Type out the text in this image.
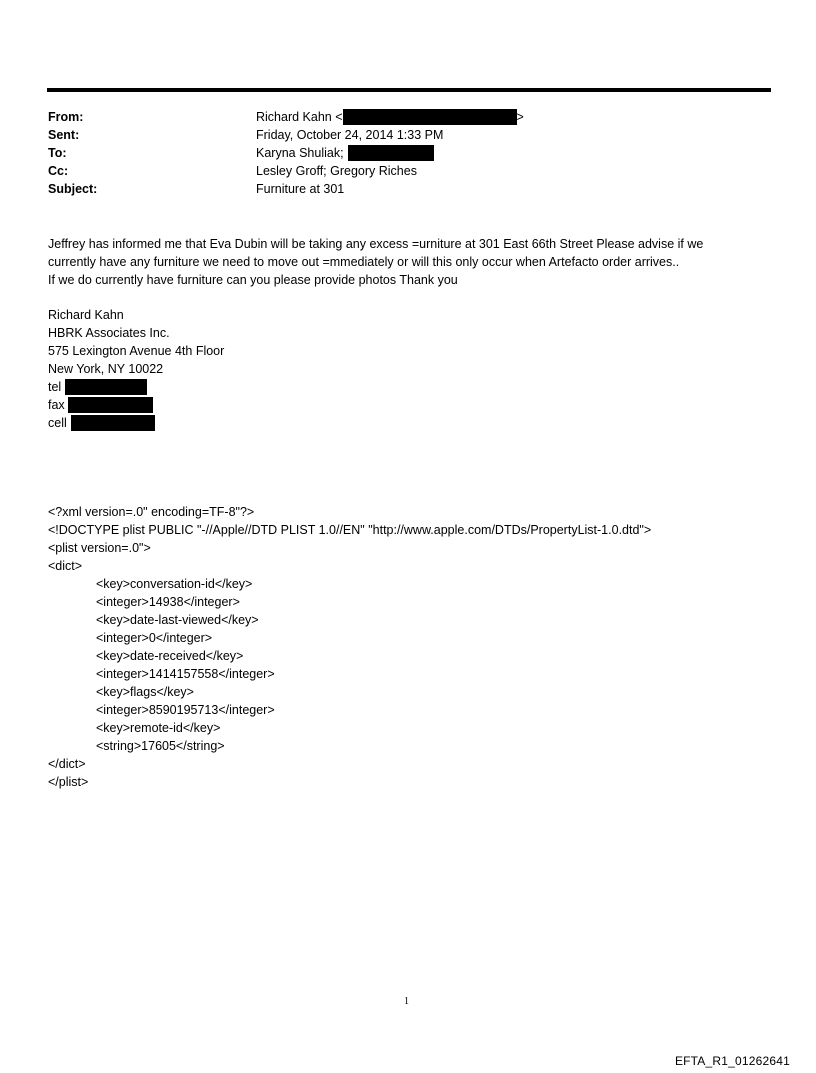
From:	Richard Kahn <	>
Sent:	Friday, October 24, 2014 1:33 PM
To:	Karyna Shuliak;
Cc:	Lesley Groff; Gregory Riches
Subject:	Furniture at 301

Jeffrey has informed me that Eva Dubin will be taking any excess =urniture at 301 East 66th Street Please advise if we

currently have any furniture we need to move out =mmediately or will this only occur when Artefacto order arrives..

If we do currently have furniture can you please provide photos Thank you

Richard Kahn
HBRK Associates Inc.
575 Lexington Avenue 4th Floor
New York, NY 10022
tel
fax
cell
<?xml version=.0" encoding=TF-8"?>
<!DOCTYPE plist PUBLIC "-//Apple//DTD PLIST 1.0//EN" "http://www.apple.com/DTDs/PropertyList-1.0.dtd">
<plist version=.0">
<dict>
<key>conversation-id</key>
<integer>14938</integer>
<key>date-last-viewed</key>
<integer>0</integer>
<key>date-received</key>
<integer>1414157558</integer>
<key>flags</key>
<integer>8590195713</integer>
<key>remote-id</key>
<string>17605</string>
</dict>
</plist>
1
EFTA_R1_01262641
